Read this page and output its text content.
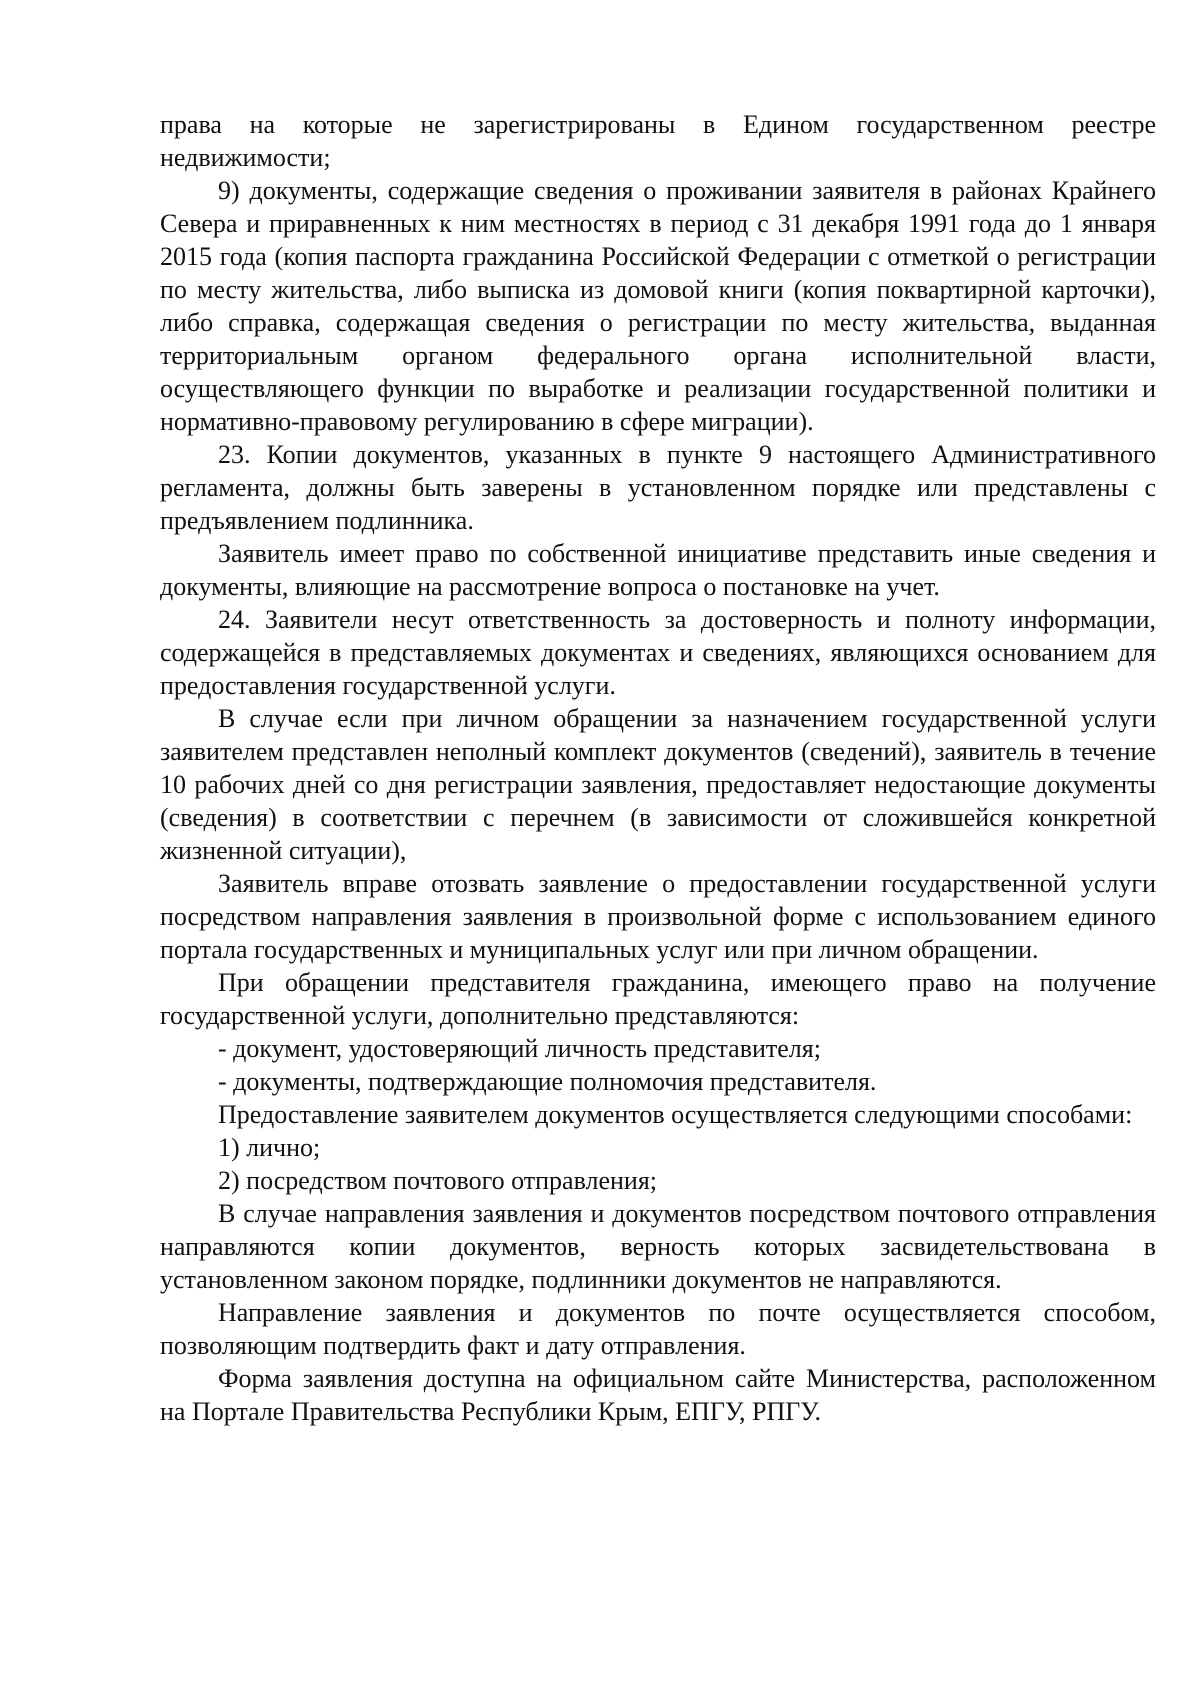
права на которые не зарегистрированы в Едином государственном реестре недвижимости;

9) документы, содержащие сведения о проживании заявителя в районах Крайнего Севера и приравненных к ним местностях в период с 31 декабря 1991 года до 1 января 2015 года (копия паспорта гражданина Российской Федерации с отметкой о регистрации по месту жительства, либо выписка из домовой книги (копия поквартирной карточки), либо справка, содержащая сведения о регистрации по месту жительства, выданная территориальным органом федерального органа исполнительной власти, осуществляющего функции по выработке и реализации государственной политики и нормативно-правовому регулированию в сфере миграции).

23. Копии документов, указанных в пункте 9 настоящего Административного регламента, должны быть заверены в установленном порядке или представлены с предъявлением подлинника.

Заявитель имеет право по собственной инициативе представить иные сведения и документы, влияющие на рассмотрение вопроса о постановке на учет.

24. Заявители несут ответственность за достоверность и полноту информации, содержащейся в представляемых документах и сведениях, являющихся основанием для предоставления государственной услуги.

В случае если при личном обращении за назначением государственной услуги заявителем представлен неполный комплект документов (сведений), заявитель в течение 10 рабочих дней со дня регистрации заявления, предоставляет недостающие документы (сведения) в соответствии с перечнем (в зависимости от сложившейся конкретной жизненной ситуации),

Заявитель вправе отозвать заявление о предоставлении государственной услуги посредством направления заявления в произвольной форме с использованием единого портала государственных и муниципальных услуг или при личном обращении.

При обращении представителя гражданина, имеющего право на получение государственной услуги, дополнительно представляются:

- документ, удостоверяющий личность представителя;

- документы, подтверждающие полномочия представителя.

Предоставление заявителем документов осуществляется следующими способами:

1) лично;

2) посредством почтового отправления;

В случае направления заявления и документов посредством почтового отправления направляются копии документов, верность которых засвидетельствована в установленном законом порядке, подлинники документов не направляются.

Направление заявления и документов по почте осуществляется способом, позволяющим подтвердить факт и дату отправления.

Форма заявления доступна на официальном сайте Министерства, расположенном на Портале Правительства Республики Крым, ЕПГУ, РПГУ.
